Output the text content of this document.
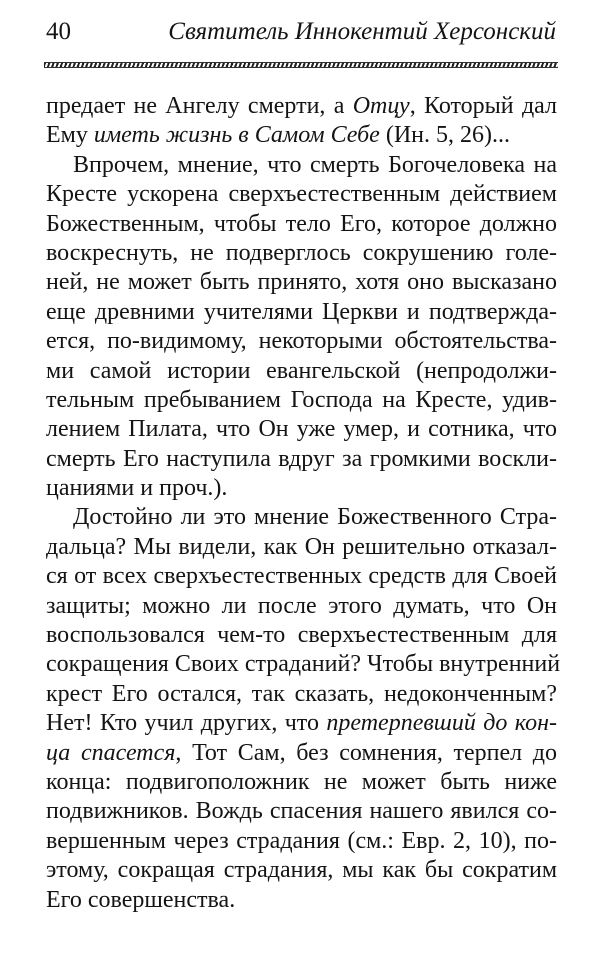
40	Святитель Иннокентий Херсонский
предает не Ангелу смерти, а Отцу, Который дал
Ему иметь жизнь в Самом Себе (Ин. 5, 26)...
Впрочем, мнение, что смерть Богочеловека на
Кресте ускорена сверхъестественным действием
Божественным, чтобы тело Его, которое должно
воскреснуть, не подверглось сокрушению голе-
ней, не может быть принято, хотя оно высказано
еще древними учителями Церкви и подтвержда-
ется, по-видимому, некоторыми обстоятельства-
ми самой истории евангельской (непродолжи-
тельным пребыванием Господа на Кресте, удив-
лением Пилата, что Он уже умер, и сотника, что
смерть Его наступила вдруг за громкими воскли-
цаниями и проч.).
Достойно ли это мнение Божественного Стра-
дальца? Мы видели, как Он решительно отказал-
ся от всех сверхъестественных средств для Своей
защиты; можно ли после этого думать, что Он
воспользовался чем-то сверхъестественным для
сокращения Своих страданий? Чтобы внутренний
крест Его остался, так сказать, недоконченным?
Нет! Кто учил других, что претерпевший до кон-
ца спасется, Тот Сам, без сомнения, терпел до
конца: подвигоположник не может быть ниже
подвижников. Вождь спасения нашего явился со-
вершенным через страдания (см.: Евр. 2, 10), по-
этому, сокращая страдания, мы как бы сократим
Его совершенства.
